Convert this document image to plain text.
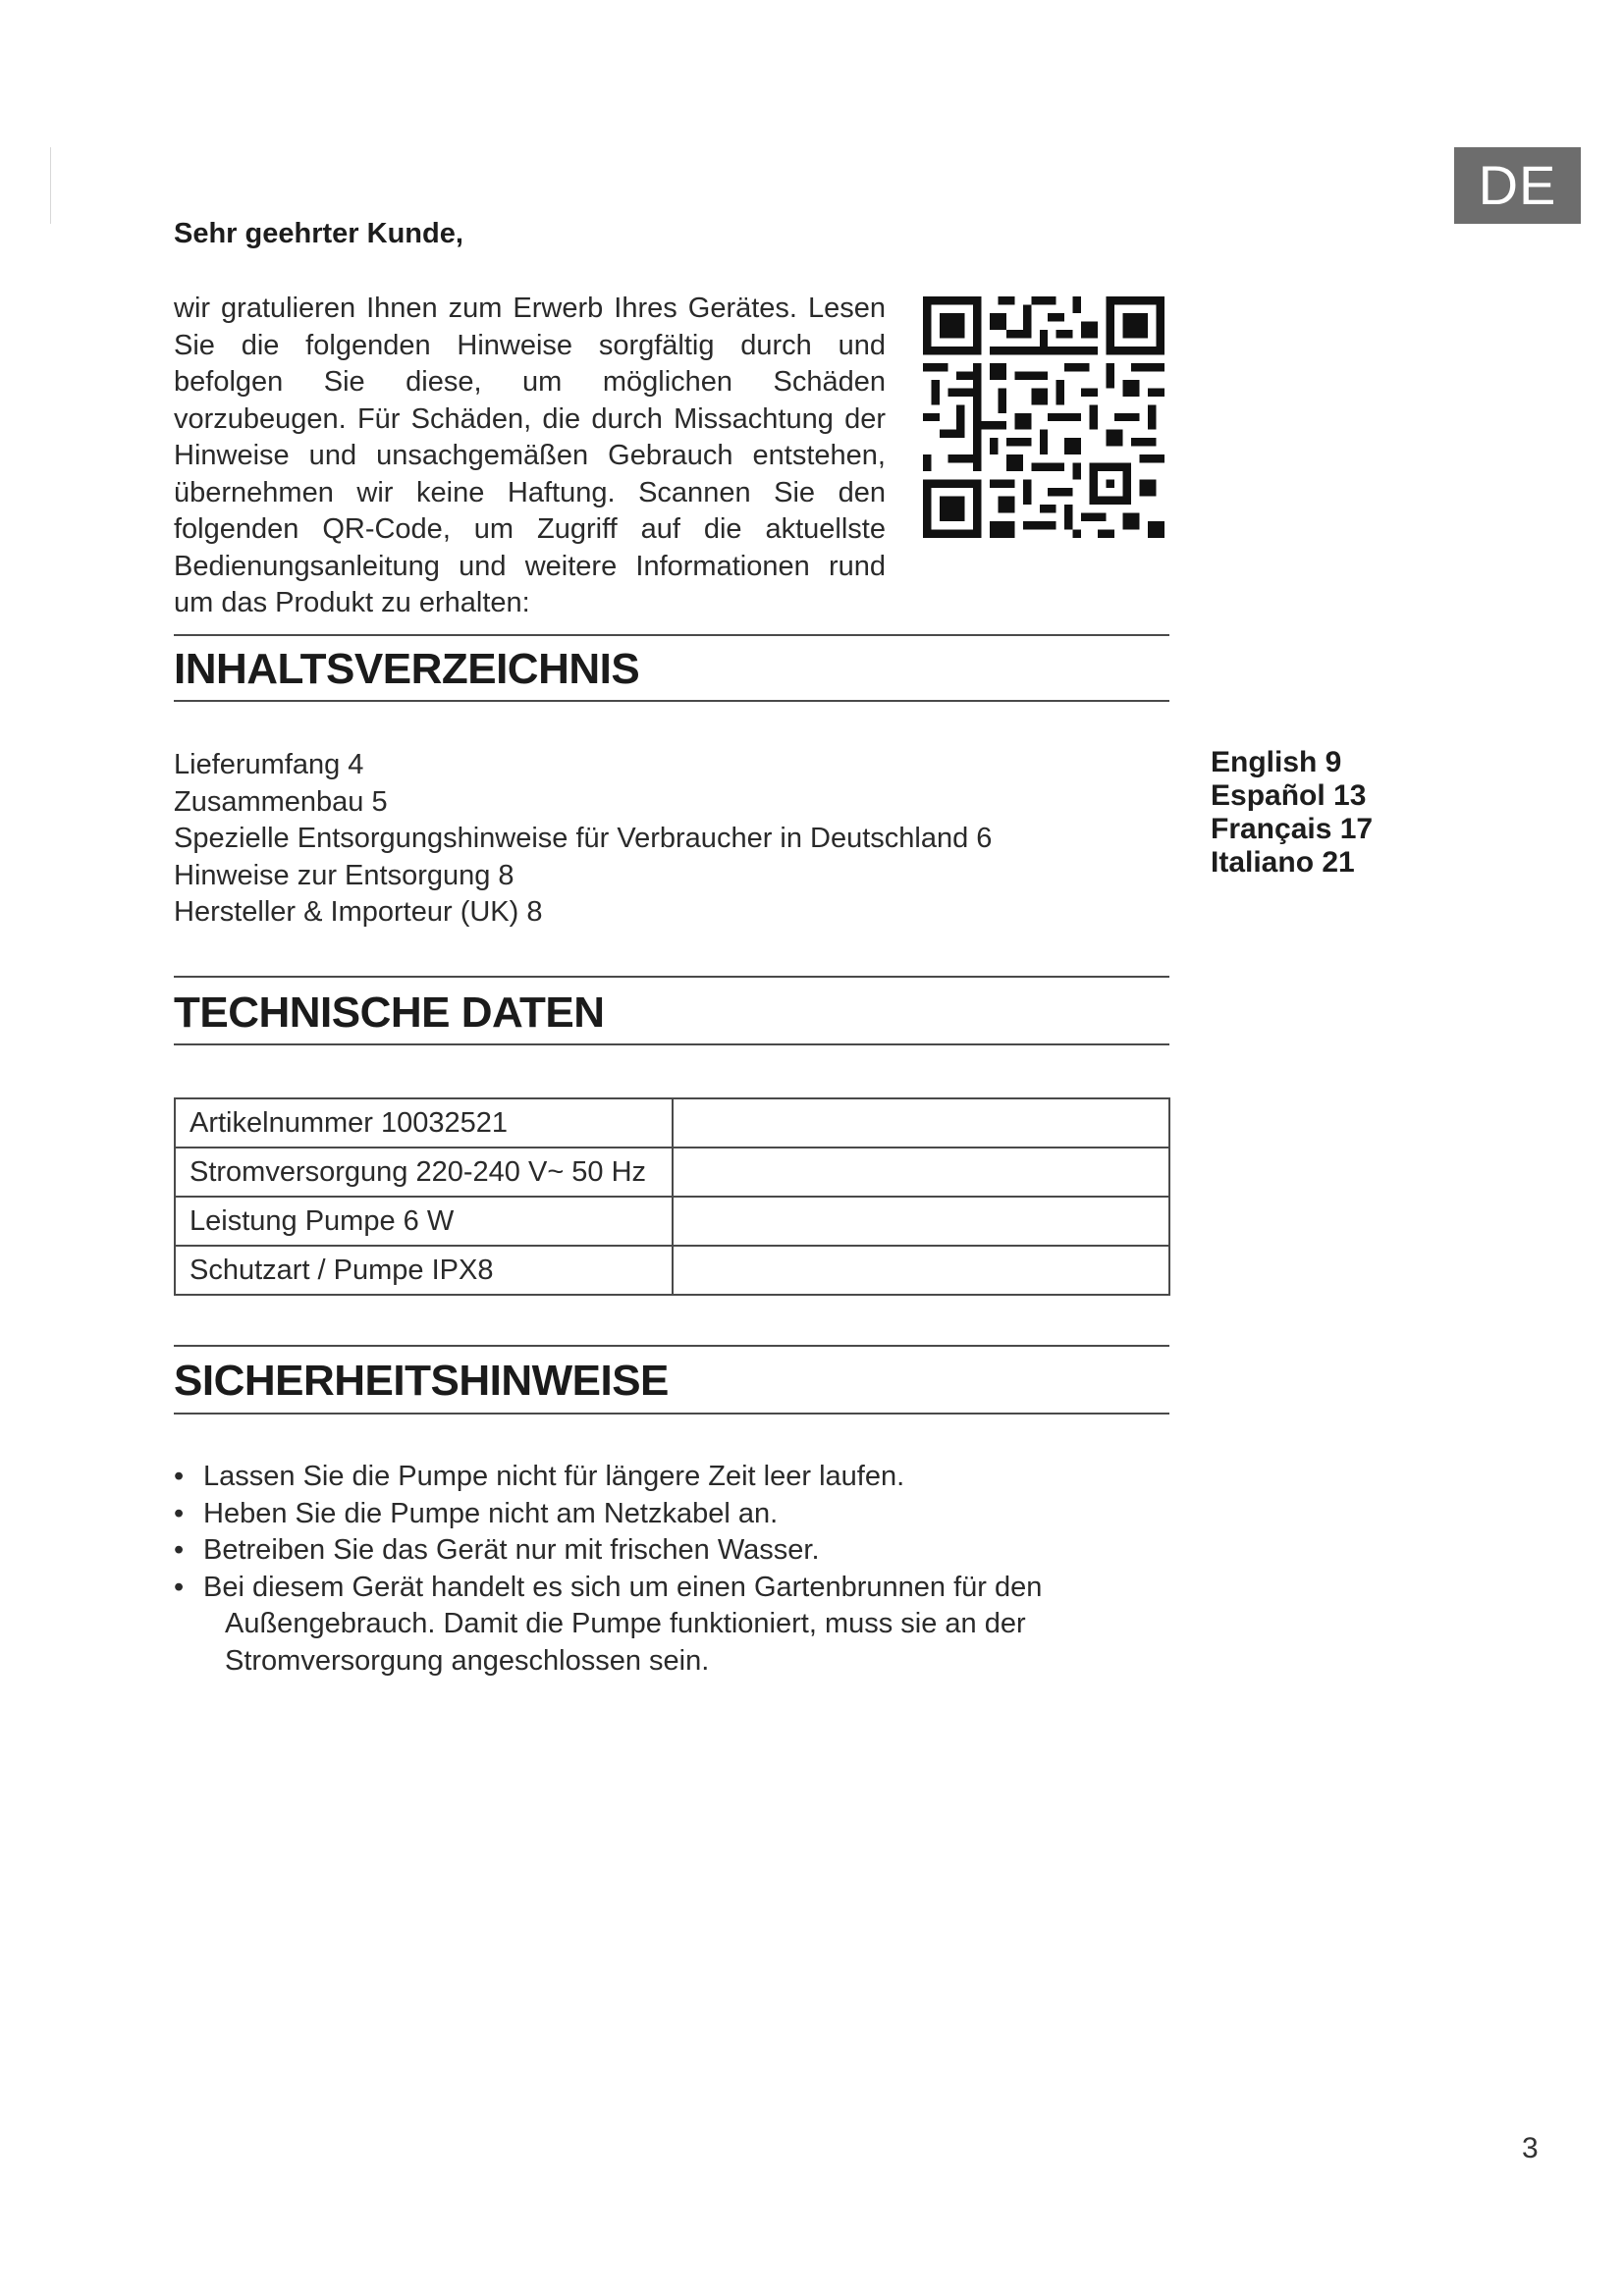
DE
Sehr geehrter Kunde,

wir gratulieren Ihnen zum Erwerb Ihres Gerätes. Lesen Sie die folgenden Hinweise sorgfältig durch und befolgen Sie diese, um möglichen Schäden vorzubeugen. Für Schäden, die durch Missachtung der Hinweise und unsachgemäßen Gebrauch entstehen, übernehmen wir keine Haftung. Scannen Sie den folgenden QR-Code, um Zugriff auf die aktuellste Bedienungsanleitung und weitere Informationen rund um das Produkt zu erhalten:

INHALTSVERZEICHNIS
Lieferumfang 4
Zusammenbau 5
Spezielle Entsorgungshinweise für Verbraucher in Deutschland 6
Hinweise zur Entsorgung 8
Hersteller & Importeur (UK) 8
English 9
Español 13
Français 17
Italiano 21
TECHNISCHE DATEN
Artikelnummer 10032521	
Stromversorgung 220-240 V~ 50 Hz	
Leistung Pumpe 6 W	
Schutzart / Pumpe IPX8	
SICHERHEITSHINWEISE
• Lassen Sie die Pumpe nicht für längere Zeit leer laufen.
• Heben Sie die Pumpe nicht am Netzkabel an.
• Betreiben Sie das Gerät nur mit frischen Wasser.
• Bei diesem Gerät handelt es sich um einen Gartenbrunnen für den
Außengebrauch. Damit die Pumpe funktioniert, muss sie an der
Stromversorgung angeschlossen sein.
3
